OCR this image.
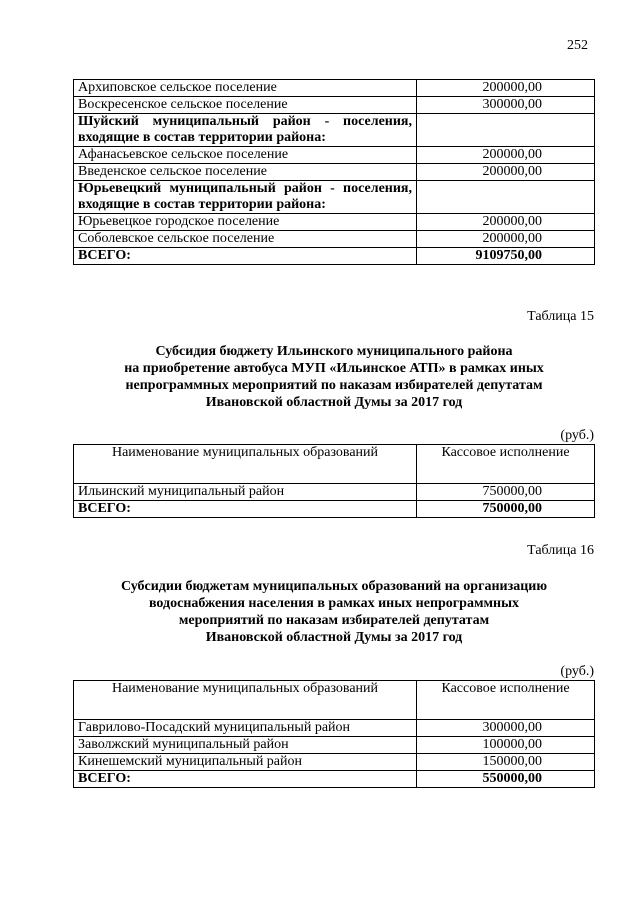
252
Архиповское сельское поселение	200000,00
Воскресенское сельское поселение	300000,00
Шуйский муниципальный район - поселения, входящие в состав территории района:	
Афанасьевское сельское поселение	200000,00
Введенское сельское поселение	200000,00
Юрьевецкий муниципальный район - поселения, входящие в состав территории района:	
Юрьевецкое городское поселение	200000,00
Соболевское сельское поселение	200000,00
ВСЕГО:	9109750,00
Таблица 15
Субсидия бюджету Ильинского муниципального района
на приобретение автобуса МУП «Ильинское АТП» в рамках иных
непрограммных мероприятий по наказам избирателей депутатам
Ивановской областной Думы за 2017 год
(руб.)
Наименование муниципальных образований	Кассовое исполнение
Ильинский муниципальный район	750000,00
ВСЕГО:	750000,00
Таблица 16
Субсидии бюджетам муниципальных образований на организацию
водоснабжения населения в рамках иных непрограммных
мероприятий по наказам избирателей депутатам
Ивановской областной Думы за 2017 год
(руб.)
Наименование муниципальных образований	Кассовое исполнение
Гаврилово-Посадский муниципальный район	300000,00
Заволжский муниципальный район	100000,00
Кинешемский муниципальный район	150000,00
ВСЕГО:	550000,00
